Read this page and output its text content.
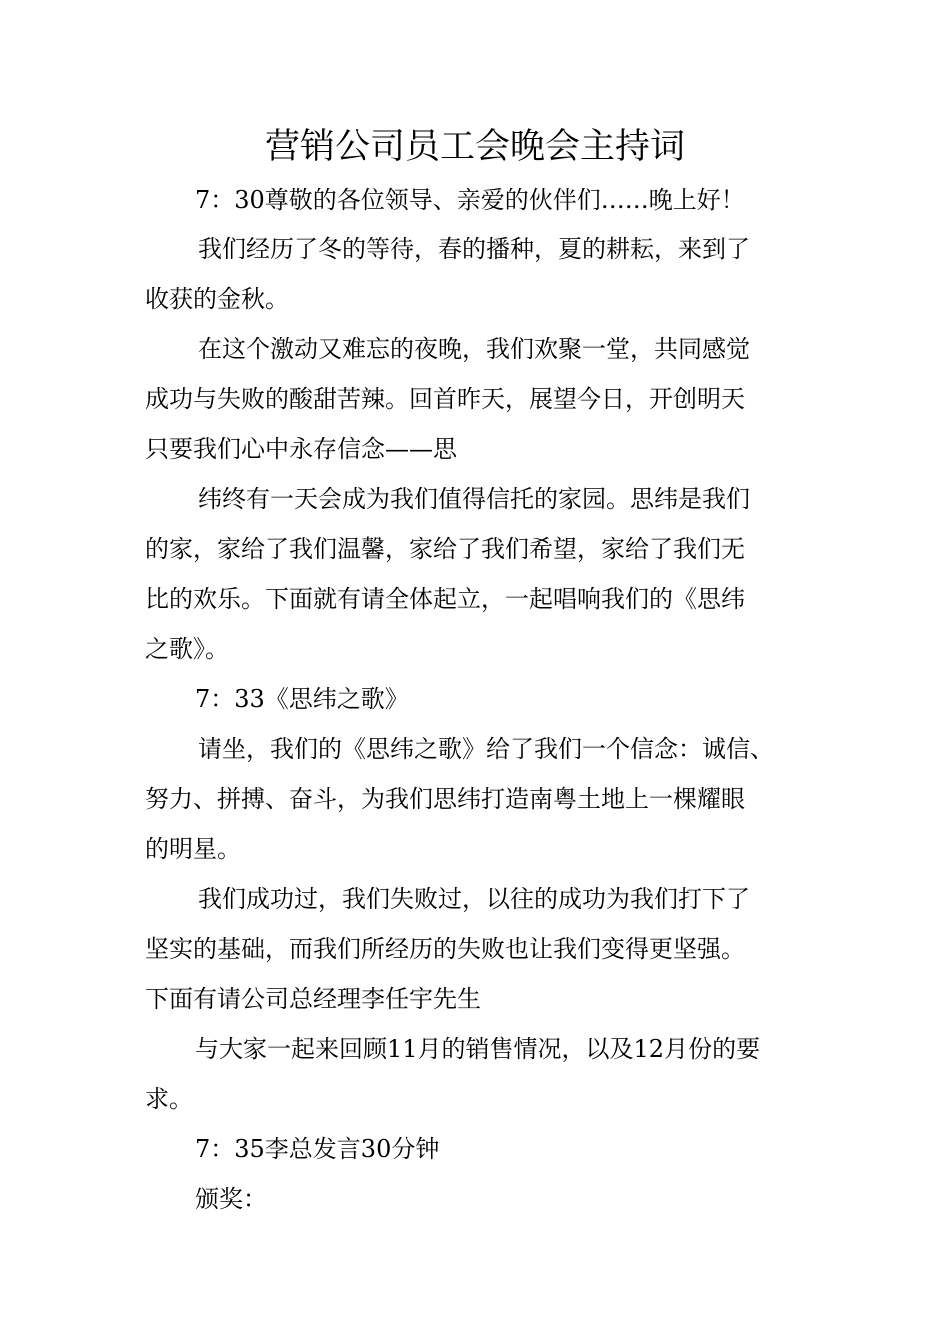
营销公司员工会晚会主持词
7：30尊敬的各位领导、亲爱的伙伴们……晚上好！
我们经历了冬的等待，春的播种，夏的耕耘，来到了
收获的金秋。
在这个激动又难忘的夜晚，我们欢聚一堂，共同感觉
成功与失败的酸甜苦辣。回首昨天，展望今日，开创明天
只要我们心中永存信念——思
纬终有一天会成为我们值得信托的家园。思纬是我们
的家，家给了我们温馨，家给了我们希望，家给了我们无
比的欢乐。下面就有请全体起立，一起唱响我们的《思纬
之歌》。
7：33《思纬之歌》
请坐，我们的《思纬之歌》给了我们一个信念：诚信、
努力、拼搏、奋斗，为我们思纬打造南粤土地上一棵耀眼
的明星。
我们成功过，我们失败过，以往的成功为我们打下了
坚实的基础，而我们所经历的失败也让我们变得更坚强。
下面有请公司总经理李任宇先生
与大家一起来回顾11月的销售情况，以及12月份的要
求。
7：35李总发言30分钟
颁奖：
